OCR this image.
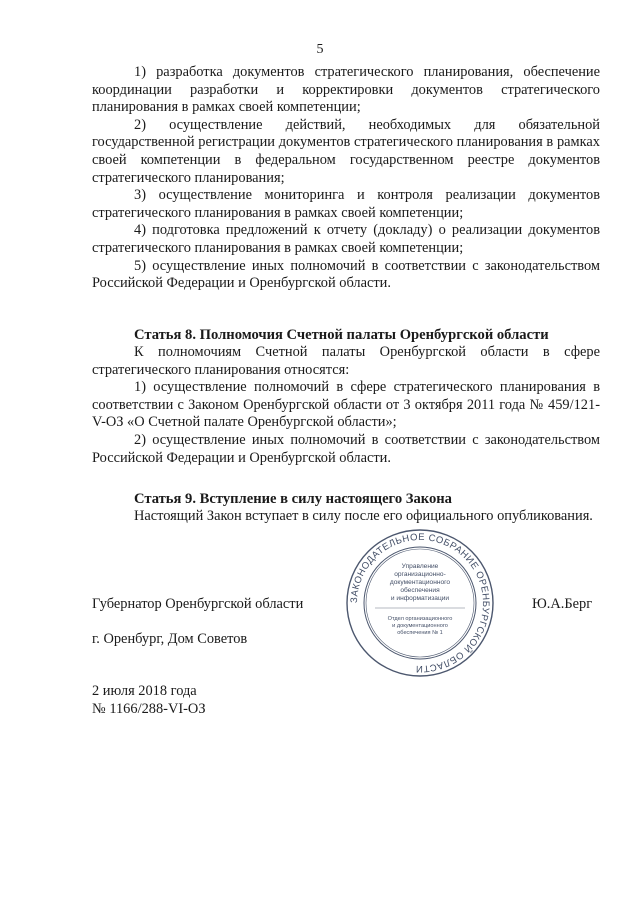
5

1) разработка документов стратегического планирования, обеспечение координации разработки и корректировки документов стратегического планирования в рамках своей компетенции;

2) осуществление действий, необходимых для обязательной государственной регистрации документов стратегического планирования в рамках своей компетенции в федеральном государственном реестре документов стратегического планирования;

3) осуществление мониторинга и контроля реализации документов стратегического планирования в рамках своей компетенции;

4) подготовка предложений к отчету (докладу) о реализации документов стратегического планирования в рамках своей компетенции;

5) осуществление иных полномочий в соответствии с законодательством Российской Федерации и Оренбургской области.

Статья 8. Полномочия Счетной палаты Оренбургской области

К полномочиям Счетной палаты Оренбургской области в сфере стратегического планирования относятся:

1) осуществление полномочий в сфере стратегического планирования в соответствии с Законом Оренбургской области от 3 октября 2011 года № 459/121-V-ОЗ «О Счетной палате Оренбургской области»;

2) осуществление иных полномочий в соответствии с законодательством Российской Федерации и Оренбургской области.

Статья 9. Вступление в силу настоящего Закона

Настоящий Закон вступает в силу после его официального опубликования.

Губернатор Оренбургской области	Ю.А.Берг
г. Оренбург, Дом Советов
2 июля 2018 года
№ 1166/288-VI-ОЗ
ЗАКОНОДАТЕЛЬНОЕ СОБРАНИЕ ОРЕНБУРГСКОЙ ОБЛАСТИ
Управление
организационно-
документационного
обеспечения
и информатизации
Отдел организационного
и документационного
обеспечения № 1
